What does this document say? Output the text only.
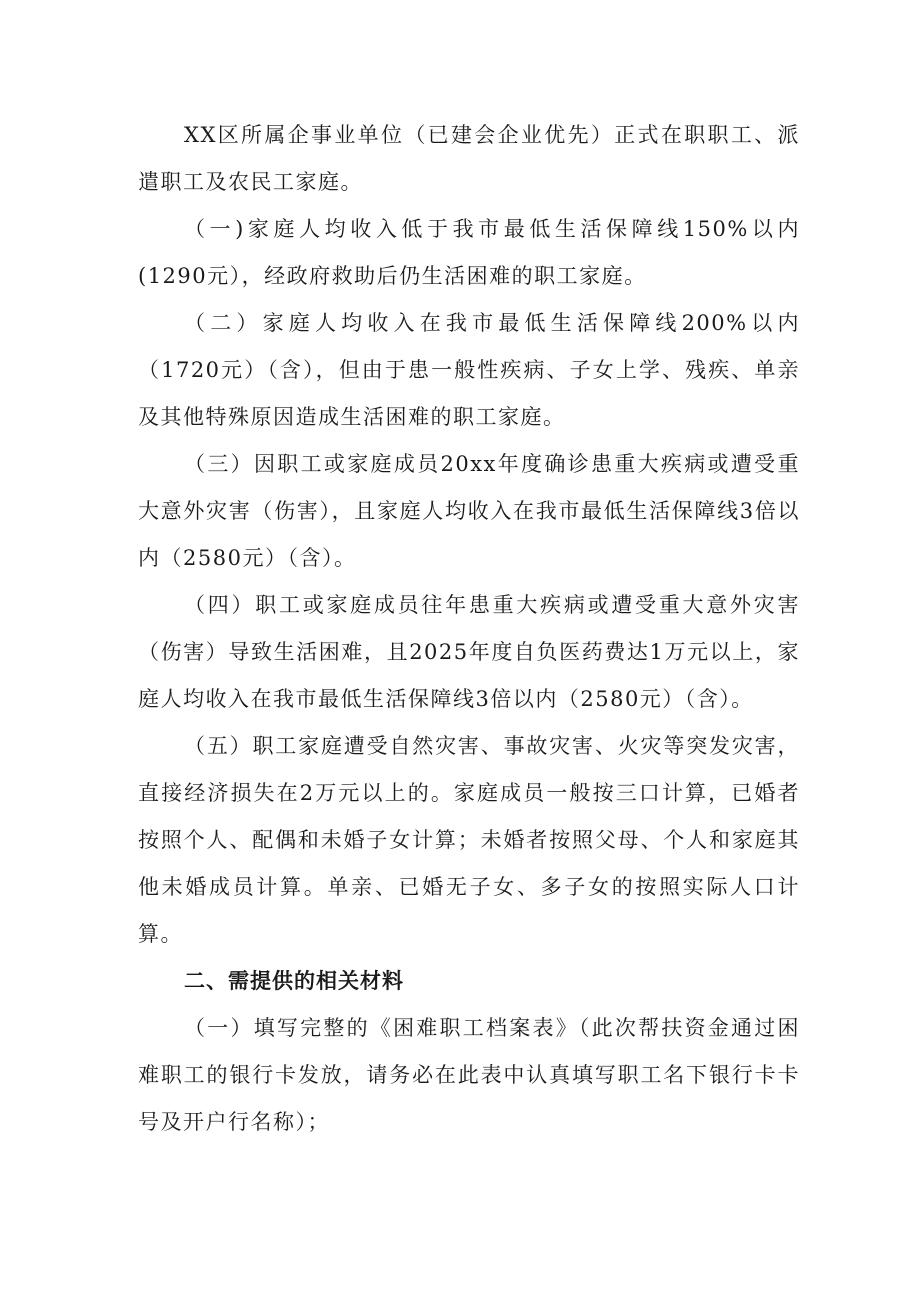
XX区所属企事业单位（已建会企业优先）正式在职职工、派遣职工及农民工家庭。

（一)家庭人均收入低于我市最低生活保障线150%以内(1290元），经政府救助后仍生活困难的职工家庭。

（二）家庭人均收入在我市最低生活保障线200%以内（1720元）（含），但由于患一般性疾病、子女上学、残疾、单亲及其他特殊原因造成生活困难的职工家庭。

（三）因职工或家庭成员20xx年度确诊患重大疾病或遭受重大意外灾害（伤害），且家庭人均收入在我市最低生活保障线3倍以内（2580元）（含）。

（四）职工或家庭成员往年患重大疾病或遭受重大意外灾害（伤害）导致生活困难，且2025年度自负医药费达1万元以上，家庭人均收入在我市最低生活保障线3倍以内（2580元）（含）。

（五）职工家庭遭受自然灾害、事故灾害、火灾等突发灾害，直接经济损失在2万元以上的。家庭成员一般按三口计算，已婚者按照个人、配偶和未婚子女计算；未婚者按照父母、个人和家庭其他未婚成员计算。单亲、已婚无子女、多子女的按照实际人口计算。

二、需提供的相关材料

（一）填写完整的《困难职工档案表》（此次帮扶资金通过困难职工的银行卡发放，请务必在此表中认真填写职工名下银行卡卡号及开户行名称）；
